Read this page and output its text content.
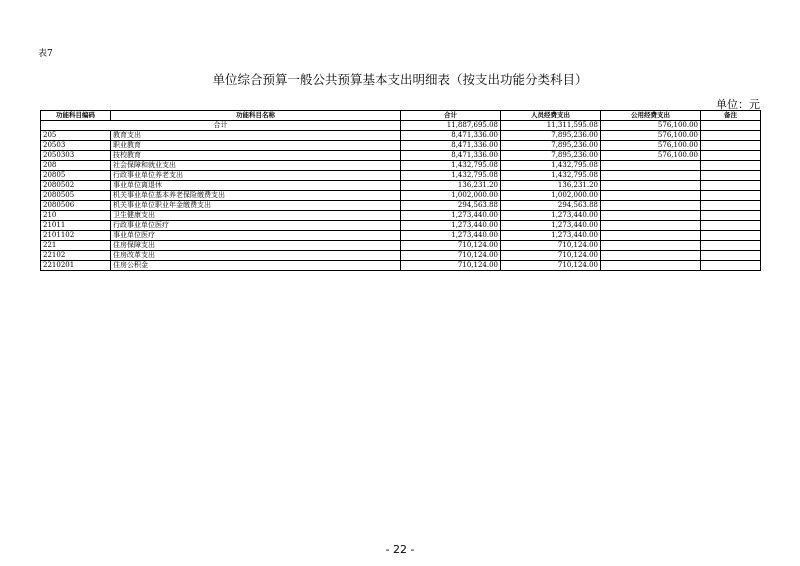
表7
单位综合预算一般公共预算基本支出明细表（按支出功能分类科目）
单位：元
功能科目编码	功能科目名称	合计	人员经费支出	公用经费支出	备注
合计		11,887,695.08	11,311,595.08	576,100.00	
205	教育支出	8,471,336.00	7,895,236.00	576,100.00	
20503	职业教育	8,471,336.00	7,895,236.00	576,100.00	
2050303	技校教育	8,471,336.00	7,895,236.00	576,100.00	
208	社会保障和就业支出	1,432,795.08	1,432,795.08		
20805	行政事业单位养老支出	1,432,795.08	1,432,795.08		
2080502	事业单位离退休	136,231.20	136,231.20		
2080505	机关事业单位基本养老保险缴费支出	1,002,000.00	1,002,000.00		
2080506	机关事业单位职业年金缴费支出	294,563.88	294,563.88		
210	卫生健康支出	1,273,440.00	1,273,440.00		
21011	行政事业单位医疗	1,273,440.00	1,273,440.00		
2101102	事业单位医疗	1,273,440.00	1,273,440.00		
221	住房保障支出	710,124.00	710,124.00		
22102	住房改革支出	710,124.00	710,124.00		
2210201	住房公积金	710,124.00	710,124.00		
- 22 -
